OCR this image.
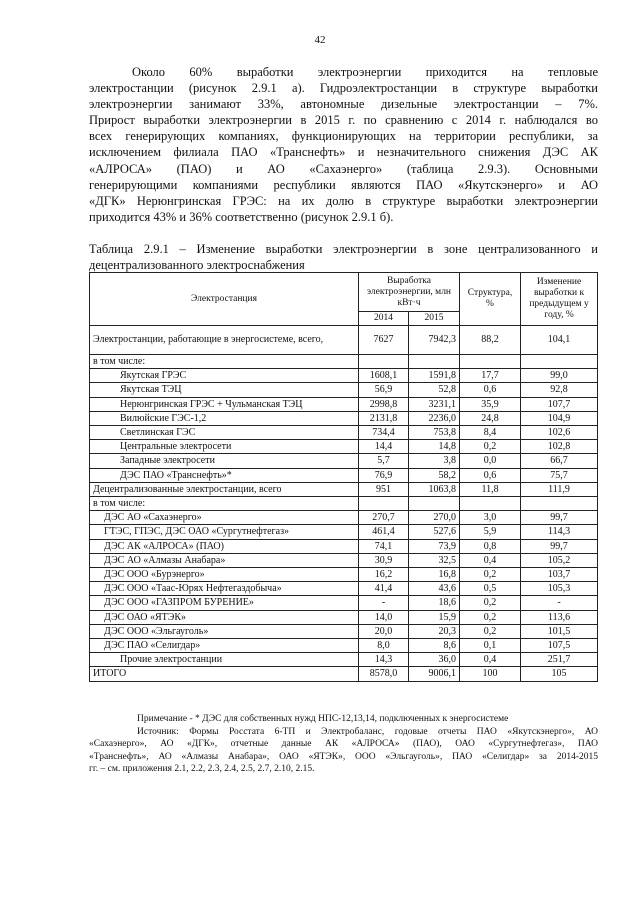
42
Около 60% выработки электроэнергии приходится на тепловые
электростанции (рисунок 2.9.1 а). Гидроэлектростанции в структуре выработки
электроэнергии занимают 33%, автономные дизельные электростанции – 7%.
Прирост выработки электроэнергии в 2015 г. по сравнению с 2014 г. наблюдался во
всех генерирующих компаниях, функционирующих на территории республики, за
исключением филиала ПАО «Транснефть» и незначительного снижения ДЭС АК
«АЛРОСА» (ПАО) и АО «Сахаэнерго» (таблица 2.9.3). Основными
генерирующими компаниями республики являются ПАО «Якутскэнерго» и АО
«ДГК» Нерюнгринская ГРЭС: на их долю в структуре выработки электроэнергии
приходится 43% и 36% соответственно (рисунок 2.9.1 б).
Таблица 2.9.1 – Изменение выработки электроэнергии в зоне централизованного и
децентрализованного электроснабжения
Электростанция	Выработка электроэнергии, млн кВт·ч		Структура, %	Изменение выработки к предыдущем у году, %
	2014	2015		
Электростанции, работающие в энергосистеме, всего,	7627	7942,3	88,2	104,1
в том числе:				
Якутская ГРЭС	1608,1	1591,8	17,7	99,0
Якутская ТЭЦ	56,9	52,8	0,6	92,8
Нерюнгринская ГРЭС + Чульманская ТЭЦ	2998,8	3231,1	35,9	107,7
Вилюйские ГЭС-1,2	2131,8	2236,0	24,8	104,9
Светлинская ГЭС	734,4	753,8	8,4	102,6
Центральные электросети	14,4	14,8	0,2	102,8
Западные электросети	5,7	3,8	0,0	66,7
ДЭС ПАО «Транснефть»*	76,9	58,2	0,6	75,7
Децентрализованные электростанции, всего	951	1063,8	11,8	111,9
в том числе:				
ДЭС АО «Сахаэнерго»	270,7	270,0	3,0	99,7
ГТЭС, ГПЭС, ДЭС ОАО «Сургутнефтегаз»	461,4	527,6	5,9	114,3
ДЭС АК «АЛРОСА» (ПАО)	74,1	73,9	0,8	99,7
ДЭС АО «Алмазы Анабара»	30,9	32,5	0,4	105,2
ДЭС ООО «Бурэнерго»	16,2	16,8	0,2	103,7
ДЭС ООО «Таас-Юрях Нефтегаздобыча»	41,4	43,6	0,5	105,3
ДЭС ООО «ГАЗПРОМ БУРЕНИЕ»	-	18,6	0,2	-
ДЭС ОАО «ЯТЭК»	14,0	15,9	0,2	113,6
ДЭС ООО «Эльгауголь»	20,0	20,3	0,2	101,5
ДЭС ПАО «Селигдар»	8,0	8,6	0,1	107,5
Прочие электростанции	14,3	36,0	0,4	251,7
ИТОГО	8578,0	9006,1	100	105
Примечание - * ДЭС для собственных нужд НПС-12,13,14, подключенных к энергосистеме
Источник: Формы Росстата 6-ТП и Электробаланс, годовые отчеты ПАО «Якутскэнерго», АО
«Сахаэнерго», АО «ДГК», отчетные данные АК «АЛРОСА» (ПАО), ОАО «Сургутнефтегаз», ПАО
«Транснефть», АО «Алмазы Анабара», ОАО «ЯТЭК», ООО «Эльгауголь», ПАО «Селигдар» за 2014-2015
гг. – см. приложения 2.1, 2.2, 2.3, 2.4, 2.5, 2.7, 2.10, 2.15.
